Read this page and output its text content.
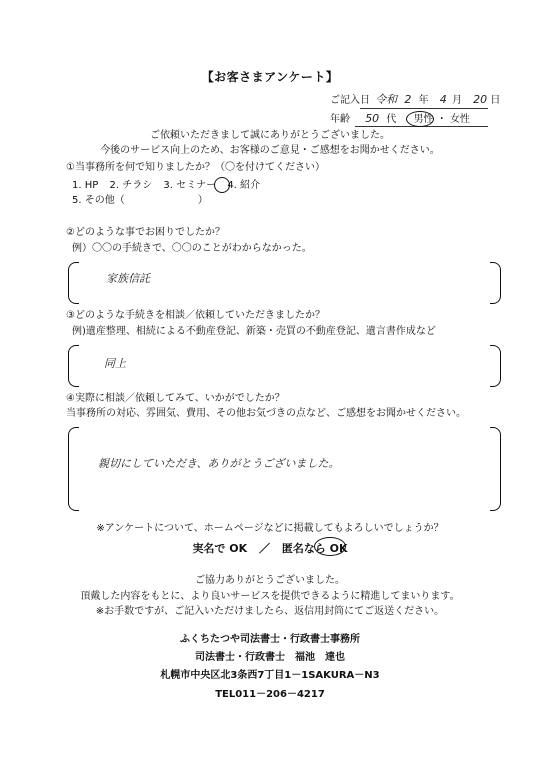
【お客さまアンケート】
ご記入日 令和 2 年 4 月 20 日
年齢 50 代 男性 ・ 女性
ご依頼いただきまして誠にありがとうございました。
今後のサービス向上のため、お客様のご意見・ご感想をお聞かせください。
①当事務所を何で知りましたか？（〇を付けてください）
1. HP 2. チラシ 3. セミナー 4. 紹介
5. その他（	）
②どのような事でお困りでしたか？
例）〇〇の手続きで、〇〇のことがわからなかった。
家族信託
③どのような手続きを相談／依頼していただきましたか？
例)遺産整理、相続による不動産登記、新築・売買の不動産登記、遺言書作成など
同上
④実際に相談／依頼してみて、いかがでしたか？
当事務所の対応、雰囲気、費用、その他お気づきの点など、ご感想をお聞かせください。
親切にしていただき、ありがとうございました。
※アンケートについて、ホームページなどに掲載してもよろしいでしょうか？
実名で OK ／ 匿名なら OK
ご協力ありがとうございました。
頂戴した内容をもとに、より良いサービスを提供できるように精進してまいります。
※お手数ですが、ご記入いただけましたら、返信用封筒にてご返送ください。
ふくちたつや司法書士・行政書士事務所
司法書士・行政書士　福池　達也
札幌市中央区北3条西7丁目1－1SAKURA－N3
TEL011－206－4217
